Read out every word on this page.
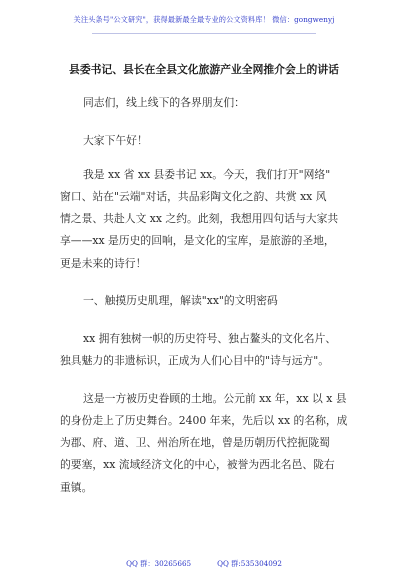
关注头条号"公文研究"，获得最新最全最专业的公文资料库！ 微信：gongwenyj
县委书记、县长在全县文化旅游产业全网推介会上的讲话
同志们，线上线下的各界朋友们：
大家下午好！
我是 xx 省 xx 县委书记 xx。今天，我们打开"网络"
窗口、站在"云端"对话，共品彩陶文化之韵、共赏 xx 风
情之景、共赴人文 xx 之约。此刻，我想用四句话与大家共
享——xx 是历史的回响，是文化的宝库，是旅游的圣地，
更是未来的诗行！
一、触摸历史肌理，解读"xx"的文明密码
xx 拥有独树一帜的历史符号、独占鳌头的文化名片、
独具魅力的非遗标识，正成为人们心目中的"诗与远方"。
这是一方被历史眷顾的土地。公元前 xx 年，xx 以 x 县
的身份走上了历史舞台。2400 年来，先后以 xx 的名称，成
为郡、府、道、卫、州治所在地，曾是历朝历代控扼陇蜀
的要塞，xx 流域经济文化的中心，被誉为西北名邑、陇右
重镇。
QQ 群：30265665	QQ 群:535304092
